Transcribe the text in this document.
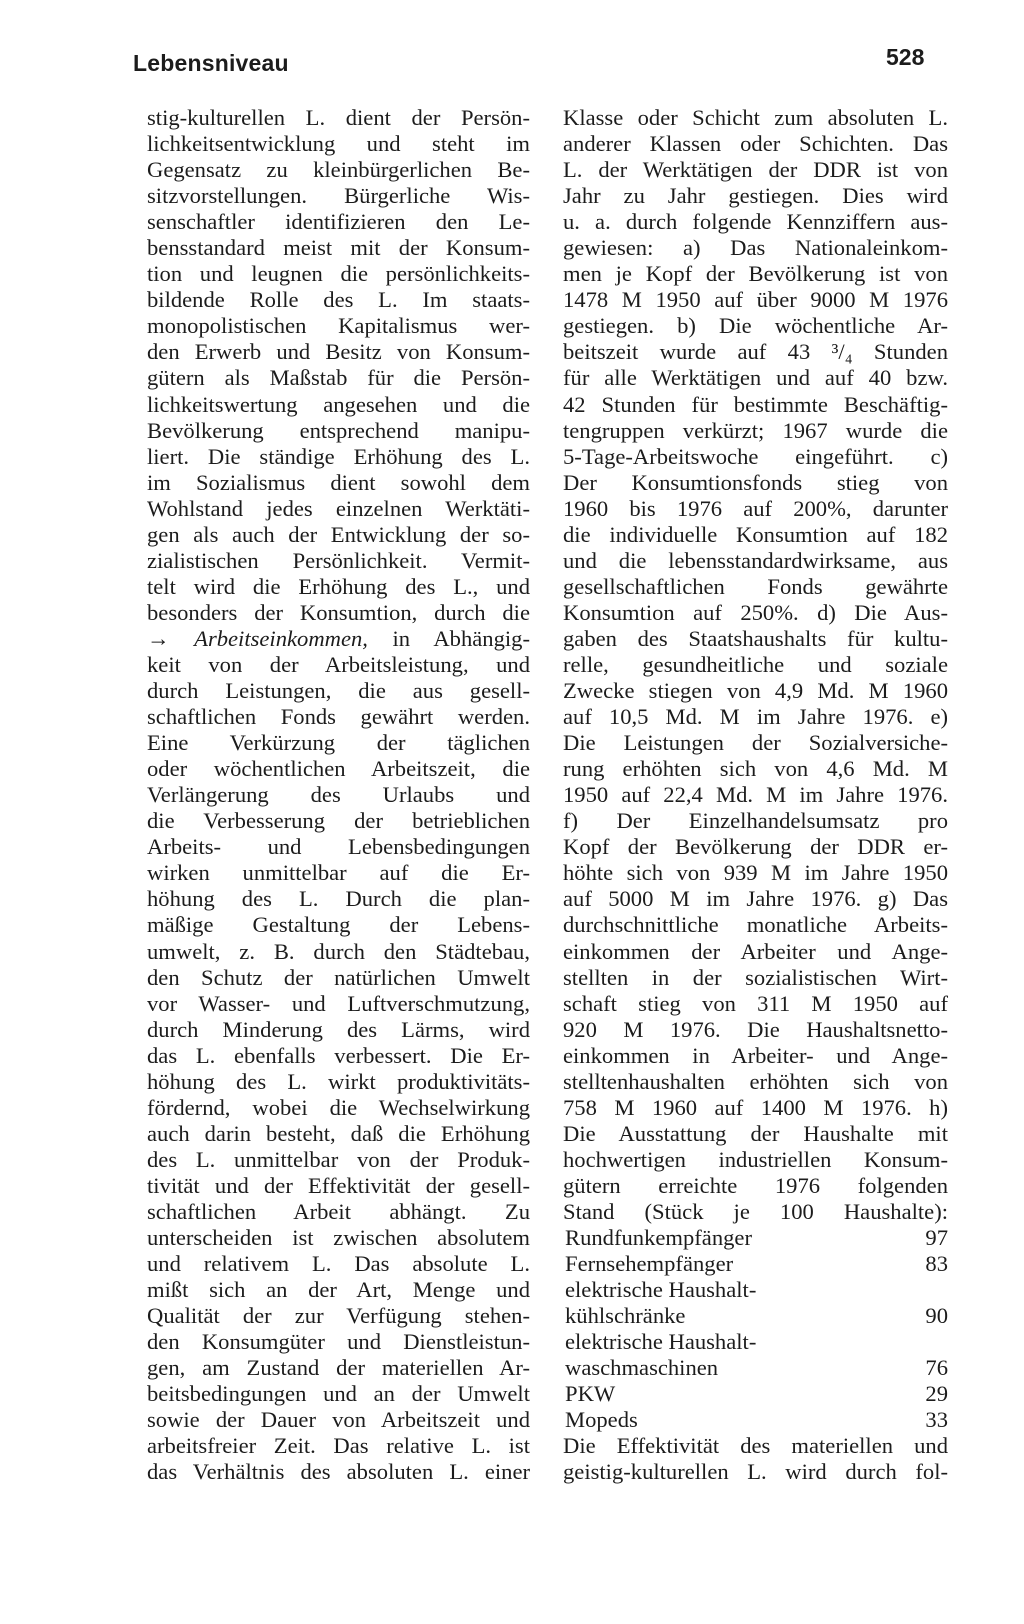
Lebensniveau	528
stig-kulturellen L. dient der Persön-
lichkeitsentwicklung und steht im
Gegensatz zu kleinbürgerlichen Be-
sitzvorstellungen. Bürgerliche Wis-
senschaftler identifizieren den Le-
bensstandard meist mit der Konsum-
tion und leugnen die persönlichkeits-
bildende Rolle des L. Im staats-
monopolistischen Kapitalismus wer-
den Erwerb und Besitz von Konsum-
gütern als Maßstab für die Persön-
lichkeitswertung angesehen und die
Bevölkerung entsprechend manipu-
liert. Die ständige Erhöhung des L.
im Sozialismus dient sowohl dem
Wohlstand jedes einzelnen Werktäti-
gen als auch der Entwicklung der so-
zialistischen Persönlichkeit. Vermit-
telt wird die Erhöhung des L., und
besonders der Konsumtion, durch die
→ Arbeitseinkommen, in Abhängig-
keit von der Arbeitsleistung, und
durch Leistungen, die aus gesell-
schaftlichen Fonds gewährt werden.
Eine Verkürzung der täglichen
oder wöchentlichen Arbeitszeit, die
Verlängerung des Urlaubs und
die Verbesserung der betrieblichen
Arbeits- und Lebensbedingungen
wirken unmittelbar auf die Er-
höhung des L. Durch die plan-
mäßige Gestaltung der Lebens-
umwelt, z. B. durch den Städtebau,
den Schutz der natürlichen Umwelt
vor Wasser- und Luftverschmutzung,
durch Minderung des Lärms, wird
das L. ebenfalls verbessert. Die Er-
höhung des L. wirkt produktivitäts-
fördernd, wobei die Wechselwirkung
auch darin besteht, daß die Erhöhung
des L. unmittelbar von der Produk-
tivität und der Effektivität der gesell-
schaftlichen Arbeit abhängt. Zu
unterscheiden ist zwischen absolutem
und relativem L. Das absolute L.
mißt sich an der Art, Menge und
Qualität der zur Verfügung stehen-
den Konsumgüter und Dienstleistun-
gen, am Zustand der materiellen Ar-
beitsbedingungen und an der Umwelt
sowie der Dauer von Arbeitszeit und
arbeitsfreier Zeit. Das relative L. ist
das Verhältnis des absoluten L. einer
Klasse oder Schicht zum absoluten L.
anderer Klassen oder Schichten. Das
L. der Werktätigen der DDR ist von
Jahr zu Jahr gestiegen. Dies wird
u. a. durch folgende Kennziffern aus-
gewiesen: a) Das Nationaleinkom-
men je Kopf der Bevölkerung ist von
1478 M 1950 auf über 9000 M 1976
gestiegen. b) Die wöchentliche Ar-
beitszeit wurde auf 43 ³/₄ Stunden
für alle Werktätigen und auf 40 bzw.
42 Stunden für bestimmte Beschäftig-
tengruppen verkürzt; 1967 wurde die
5-Tage-Arbeitswoche eingeführt. c)
Der Konsumtionsfonds stieg von
1960 bis 1976 auf 200%, darunter
die individuelle Konsumtion auf 182
und die lebensstandardwirksame, aus
gesellschaftlichen Fonds gewährte
Konsumtion auf 250%. d) Die Aus-
gaben des Staatshaushalts für kultu-
relle, gesundheitliche und soziale
Zwecke stiegen von 4,9 Md. M 1960
auf 10,5 Md. M im Jahre 1976. e)
Die Leistungen der Sozialversiche-
rung erhöhten sich von 4,6 Md. M
1950 auf 22,4 Md. M im Jahre 1976.
f) Der Einzelhandelsumsatz pro
Kopf der Bevölkerung der DDR er-
höhte sich von 939 M im Jahre 1950
auf 5000 M im Jahre 1976. g) Das
durchschnittliche monatliche Arbeits-
einkommen der Arbeiter und Ange-
stellten in der sozialistischen Wirt-
schaft stieg von 311 M 1950 auf
920 M 1976. Die Haushaltsnetto-
einkommen in Arbeiter- und Ange-
stelltenhaushalten erhöhten sich von
758 M 1960 auf 1400 M 1976. h)
Die Ausstattung der Haushalte mit
hochwertigen industriellen Konsum-
gütern erreichte 1976 folgenden
Stand (Stück je 100 Haushalte):
Rundfunkempfänger	97
Fernsehempfänger	83
elektrische Haushalt-
kühlschränke	90
elektrische Haushalt-
waschmaschinen	76
PKW	29
Mopeds	33
Die Effektivität des materiellen und
geistig-kulturellen L. wird durch fol-
